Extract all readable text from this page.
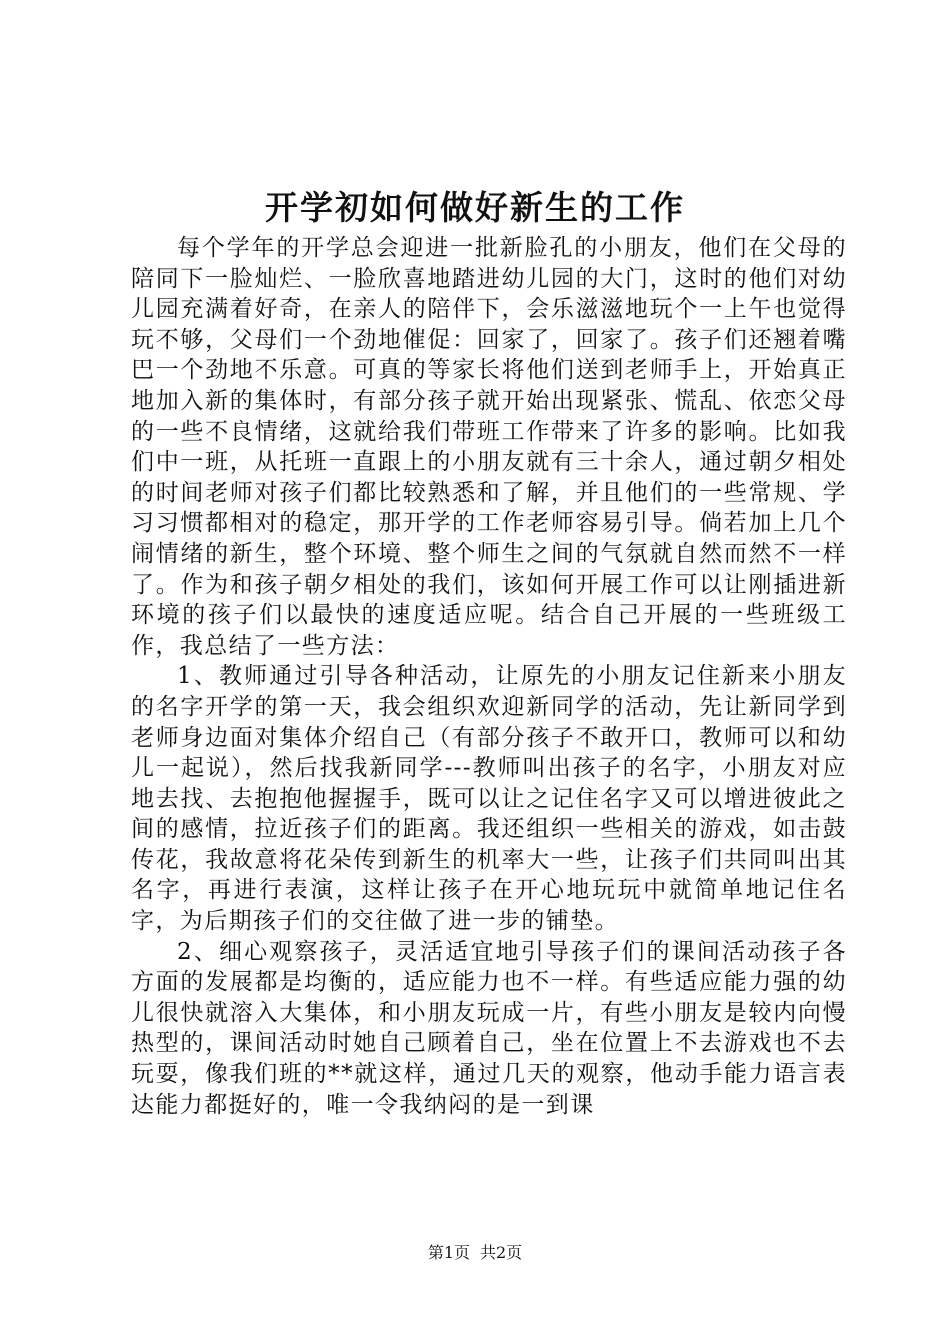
开学初如何做好新生的工作

每个学年的开学总会迎进一批新脸孔的小朋友，他们在父母的陪同下一脸灿烂、一脸欣喜地踏进幼儿园的大门，这时的他们对幼儿园充满着好奇，在亲人的陪伴下，会乐滋滋地玩个一上午也觉得玩不够，父母们一个劲地催促：回家了，回家了。孩子们还翘着嘴巴一个劲地不乐意。可真的等家长将他们送到老师手上，开始真正地加入新的集体时，有部分孩子就开始出现紧张、慌乱、依恋父母的一些不良情绪，这就给我们带班工作带来了许多的影响。比如我们中一班，从托班一直跟上的小朋友就有三十余人，通过朝夕相处的时间老师对孩子们都比较熟悉和了解，并且他们的一些常规、学习习惯都相对的稳定，那开学的工作老师容易引导。倘若加上几个闹情绪的新生，整个环境、整个师生之间的气氛就自然而然不一样了。作为和孩子朝夕相处的我们，该如何开展工作可以让刚插进新环境的孩子们以最快的速度适应呢。结合自己开展的一些班级工作，我总结了一些方法：

1、教师通过引导各种活动，让原先的小朋友记住新来小朋友的名字开学的第一天，我会组织欢迎新同学的活动，先让新同学到老师身边面对集体介绍自己（有部分孩子不敢开口，教师可以和幼儿一起说），然后找我新同学---教师叫出孩子的名字，小朋友对应地去找、去抱抱他握握手，既可以让之记住名字又可以增进彼此之间的感情，拉近孩子们的距离。我还组织一些相关的游戏，如击鼓传花，我故意将花朵传到新生的机率大一些，让孩子们共同叫出其名字，再进行表演，这样让孩子在开心地玩玩中就简单地记住名字，为后期孩子们的交往做了进一步的铺垫。

2、细心观察孩子，灵活适宜地引导孩子们的课间活动孩子各方面的发展都是均衡的，适应能力也不一样。有些适应能力强的幼儿很快就溶入大集体，和小朋友玩成一片，有些小朋友是较内向慢热型的，课间活动时她自己顾着自己，坐在位置上不去游戏也不去玩耍，像我们班的**就这样，通过几天的观察，他动手能力语言表达能力都挺好的，唯一令我纳闷的是一到课

第1页 共2页
